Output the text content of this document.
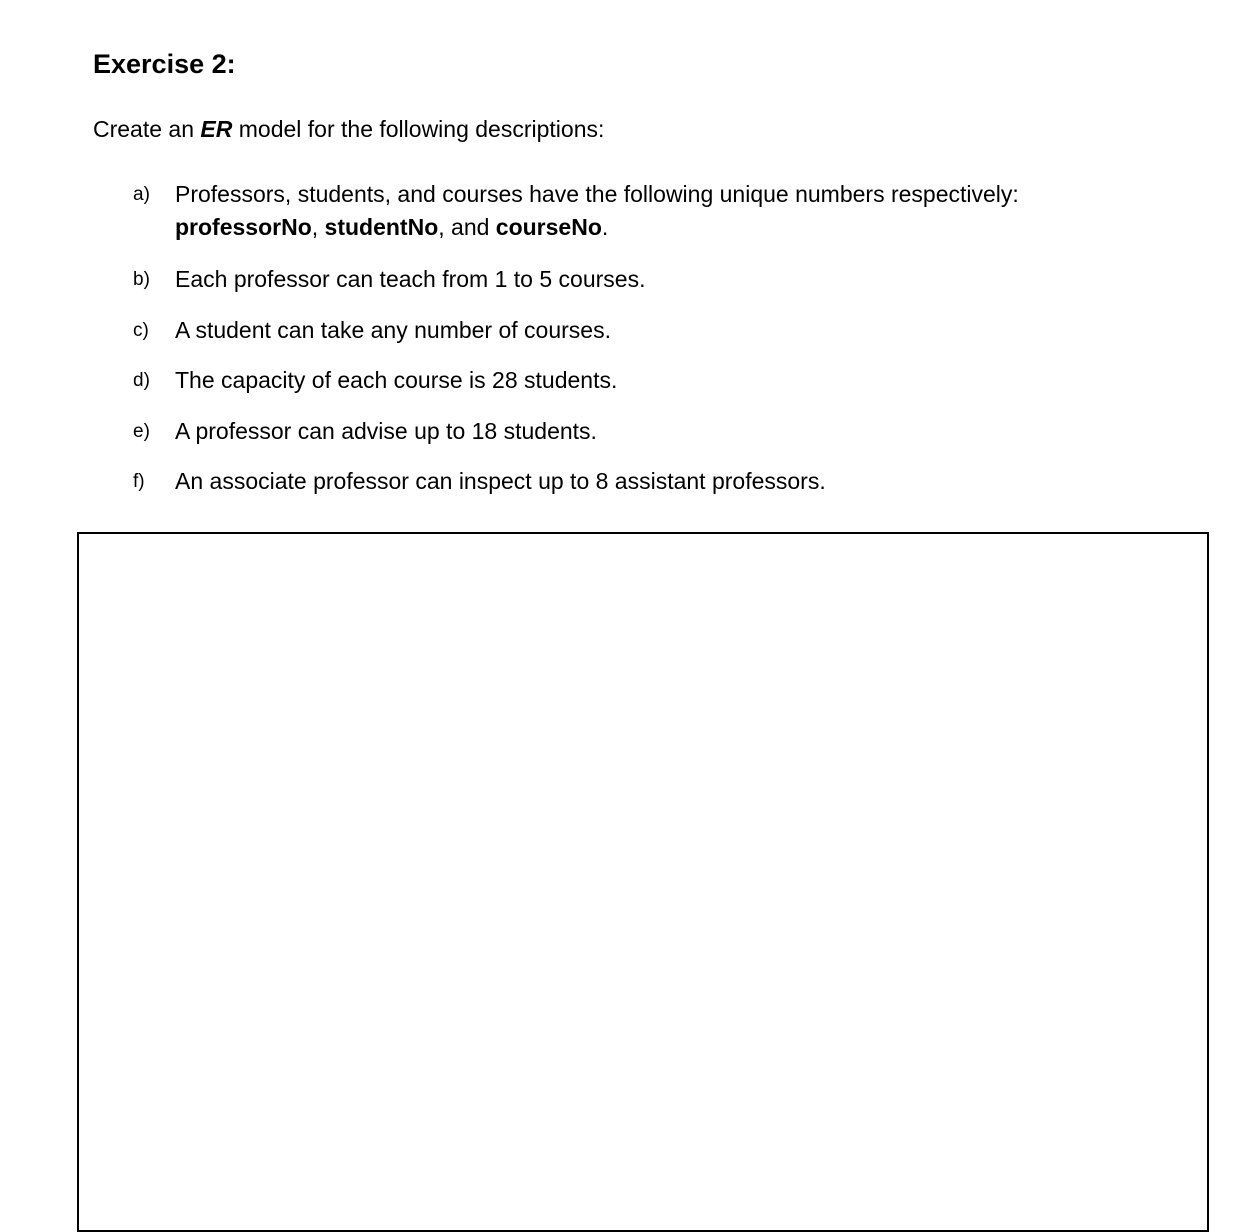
Exercise 2:

Create an ER model for the following descriptions:

a) Professors, students, and courses have the following unique numbers respectively:
professorNo, studentNo, and courseNo.
b) Each professor can teach from 1 to 5 courses.
c) A student can take any number of courses.
d) The capacity of each course is 28 students.
e) A professor can advise up to 18 students.
f) An associate professor can inspect up to 8 assistant professors.
